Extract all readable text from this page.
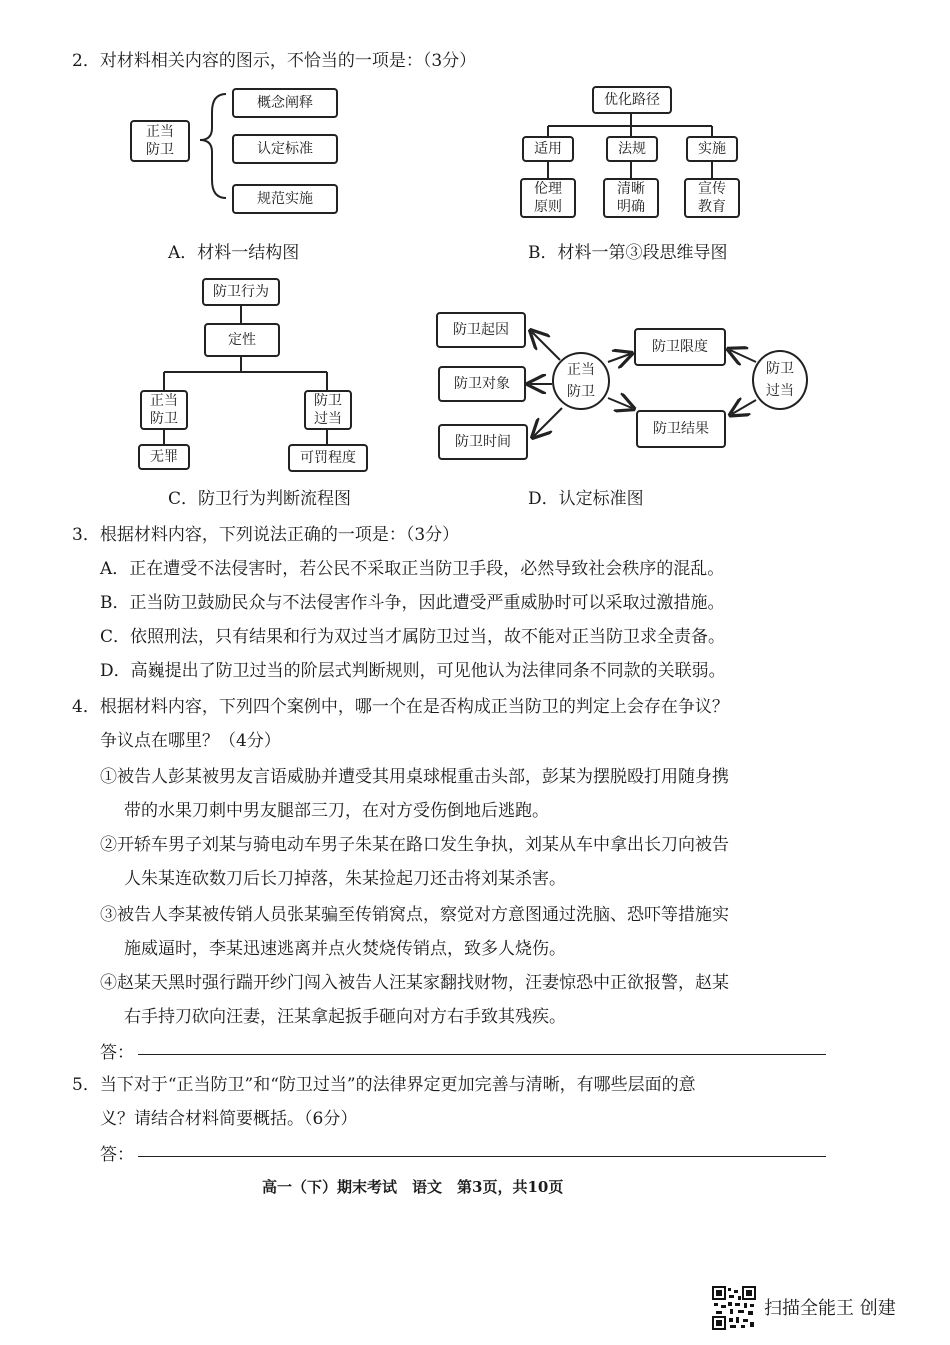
2．对材料相关内容的图示，不恰当的一项是：（3分）
正当
防卫
概念阐释
认定标准
规范实施
A．材料一结构图
优化路径
适用	法规	实施
伦理
原则
清晰
明确
宣传
教育
B．材料一第③段思维导图
防卫行为
定性
正当
防卫
防卫
过当
无罪	可罚程度
C．防卫行为判断流程图
防卫起因
防卫对象
防卫时间
正当
防卫
防卫限度
防卫结果
防卫
过当
D．认定标准图
3．根据材料内容，下列说法正确的一项是：（3分）
A．正在遭受不法侵害时，若公民不采取正当防卫手段，必然导致社会秩序的混乱。
B．正当防卫鼓励民众与不法侵害作斗争，因此遭受严重威胁时可以采取过激措施。
C．依照刑法，只有结果和行为双过当才属防卫过当，故不能对正当防卫求全责备。
D．高巍提出了防卫过当的阶层式判断规则，可见他认为法律同条不同款的关联弱。
4．根据材料内容，下列四个案例中，哪一个在是否构成正当防卫的判定上会存在争议？
争议点在哪里？（4分）
①被告人彭某被男友言语威胁并遭受其用桌球棍重击头部，彭某为摆脱殴打用随身携
带的水果刀刺中男友腿部三刀，在对方受伤倒地后逃跑。
②开轿车男子刘某与骑电动车男子朱某在路口发生争执，刘某从车中拿出长刀向被告
人朱某连砍数刀后长刀掉落，朱某捡起刀还击将刘某杀害。
③被告人李某被传销人员张某骗至传销窝点，察觉对方意图通过洗脑、恐吓等措施实
施威逼时，李某迅速逃离并点火焚烧传销点，致多人烧伤。
④赵某天黑时强行踹开纱门闯入被告人汪某家翻找财物，汪妻惊恐中正欲报警，赵某
右手持刀砍向汪妻，汪某拿起扳手砸向对方右手致其残疾。
答：
5．当下对于“正当防卫”和“防卫过当”的法律界定更加完善与清晰，有哪些层面的意
义？请结合材料简要概括。（6分）
答：
高一（下）期末考试　语文　第3页，共10页
扫描全能王 创建
